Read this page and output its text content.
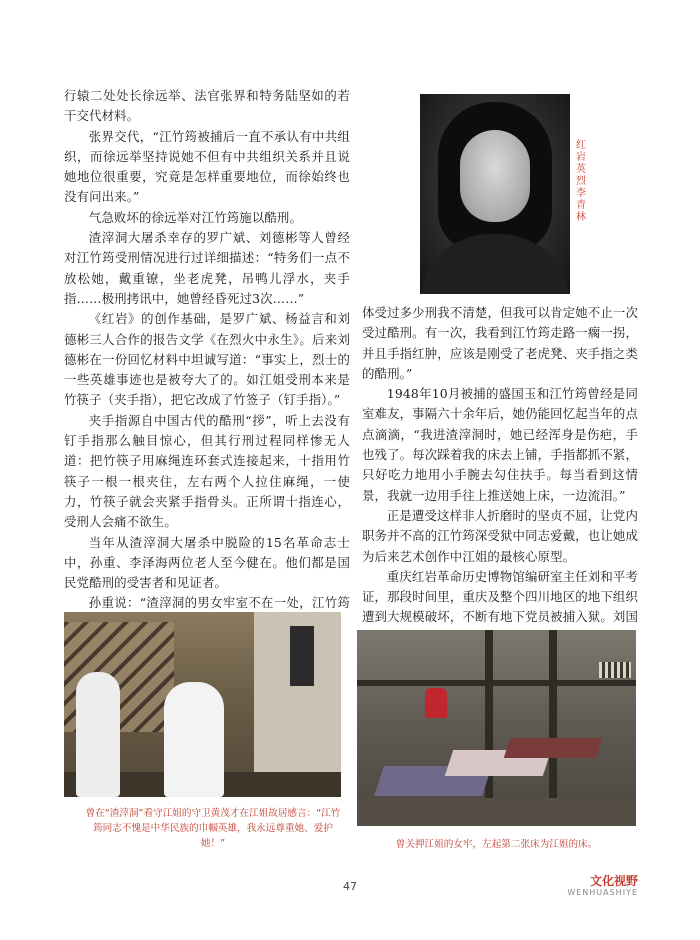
行辕二处处长徐远举、法官张界和特务陆坚如的若干交代材料。

张界交代，“江竹筠被捕后一直不承认有中共组织，而徐远举坚持说她不但有中共组织关系并且说她地位很重要，究竟是怎样重要地位，而徐始终也没有问出来。”

气急败坏的徐远举对江竹筠施以酷刑。

渣滓洞大屠杀幸存的罗广斌、刘德彬等人曾经对江竹筠受刑情况进行过详细描述：“特务们一点不放松她，戴重镣，坐老虎凳，吊鸭儿浮水，夹手指……极刑拷讯中，她曾经昏死过3次……”

《红岩》的创作基础，是罗广斌、杨益言和刘德彬三人合作的报告文学《在烈火中永生》。后来刘德彬在一份回忆材料中坦诚写道：“事实上，烈士的一些英雄事迹也是被夸大了的。如江姐受刑本来是竹筷子（夹手指），把它改成了竹签子（钉手指）。”

夹手指源自中国古代的酷刑“拶”，听上去没有钉手指那么触目惊心，但其行刑过程同样惨无人道：把竹筷子用麻绳连环套式连接起来，十指用竹筷子一根一根夹住，左右两个人拉住麻绳，一使力，竹筷子就会夹紧手指骨头。正所谓十指连心，受刑人会痛不欲生。

当年从渣滓洞大屠杀中脱险的15名革命志士中，孙重、李泽海两位老人至今健在。他们都是国民党酷刑的受害者和见证者。

孙重说：“渣滓洞的男女牢室不在一处，江竹筠

红岩英烈李青林

体受过多少刑我不清楚，但我可以肯定她不止一次受过酷刑。有一次，我看到江竹筠走路一瘸一拐，并且手指红肿，应该是刚受了老虎凳、夹手指之类的酷刑。”

1948年10月被捕的盛国玉和江竹筠曾经是同室难友，事隔六十余年后，她仍能回忆起当年的点点滴滴，“我进渣滓洞时，她已经浑身是伤疤，手也残了。每次踩着我的床去上铺，手指都抓不紧，只好吃力地用小手腕去勾住扶手。每当看到这情景，我就一边用手往上推送她上床，一边流泪。”

正是遭受这样非人折磨时的坚贞不屈，让党内职务并不高的江竹筠深受狱中同志爱戴，也让她成为后来艺术创作中江姐的最核心原型。

重庆红岩革命历史博物馆编研室主任刘和平考证，那段时间里，重庆及整个四川地区的地下组织遭到大规模破坏，不断有地下党员被捕入狱。刘国

曾在“渣滓洞”看守江姐的守卫黄茂才在江姐故居感言：“江竹筠同志不愧是中华民族的巾帼英雄，我永远尊重她、爱护她！”	曾关押江姐的女牢，左起第二张床为江姐的床。
47	文化视野
WENHUASHIYE
